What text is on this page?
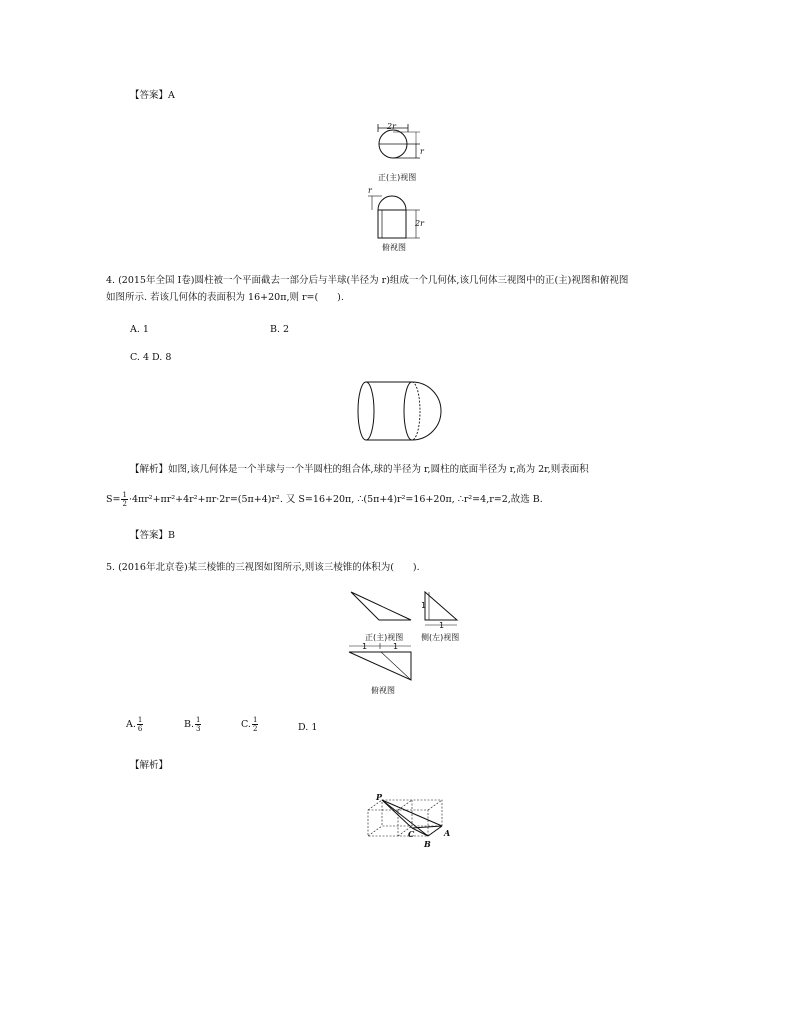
【答案】A
2r
r
正(主)视图
r
2r
俯视图
4. (2015年全国 Ⅰ卷)圆柱被一个平面截去一部分后与半球(半径为 r)组成一个几何体,该几何体三视图中的正(主)视图和俯视图
如图所示. 若该几何体的表面积为 16+20π,则 r=(　　).
A. 1	B. 2
C. 4 D. 8
【解析】如图,该几何体是一个半球与一个半圆柱的组合体,球的半径为 r,圆柱的底面半径为 r,高为 2r,则表面积
$S= \frac{1}{2} \cdot 4\pi r^2+\pi r^2+4r^2+\pi r\cdot 2r=(5\pi+4)r^2$. 又 S=16+20π, ∴(5π+4)r²=16+20π, ∴r²=4,r=2,故选 B.
【答案】B
5. (2016年北京卷)某三棱锥的三视图如图所示,则该三棱锥的体积为(　　).
正(主)视图
1
1
侧(左)视图
1	1
俯视图
A. $\frac{1}{6}$	B. $\frac{1}{3}$	C. $\frac{1}{2}$	D. 1
【解析】
P
A
B
C
